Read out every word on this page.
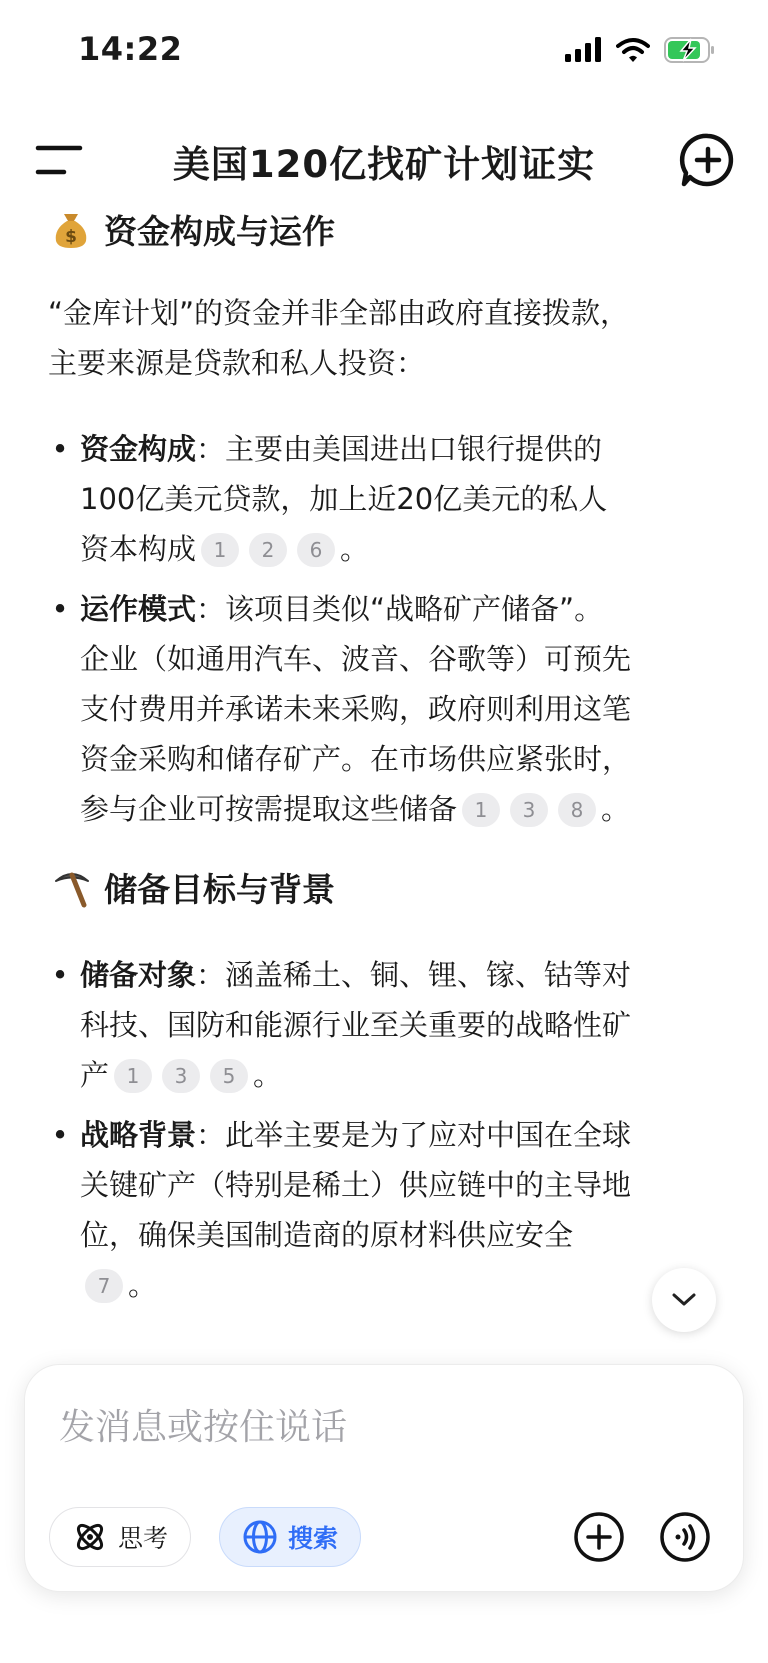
14:22
美国120亿找矿计划证实
$ 资金构成与运作
“金库计划”的资金并非全部由政府直接拨款，
主要来源是贷款和私人投资：
• 资金构成：主要由美国进出口银行提供的
100亿美元贷款，加上近20亿美元的私人
资本构成 1 2 6 。
• 运作模式：该项目类似“战略矿产储备”。
企业（如通用汽车、波音、谷歌等）可预先
支付费用并承诺未来采购，政府则利用这笔
资金采购和储存矿产。在市场供应紧张时，
参与企业可按需提取这些储备 1 3 8 。
储备目标与背景
• 储备对象：涵盖稀土、铜、锂、镓、钴等对
科技、国防和能源行业至关重要的战略性矿
产 1 3 5 。
• 战略背景：此举主要是为了应对中国在全球
关键矿产（特别是稀土）供应链中的主导地
位，确保美国制造商的原材料供应安全
7 。
发消息或按住说话
思考	搜索
